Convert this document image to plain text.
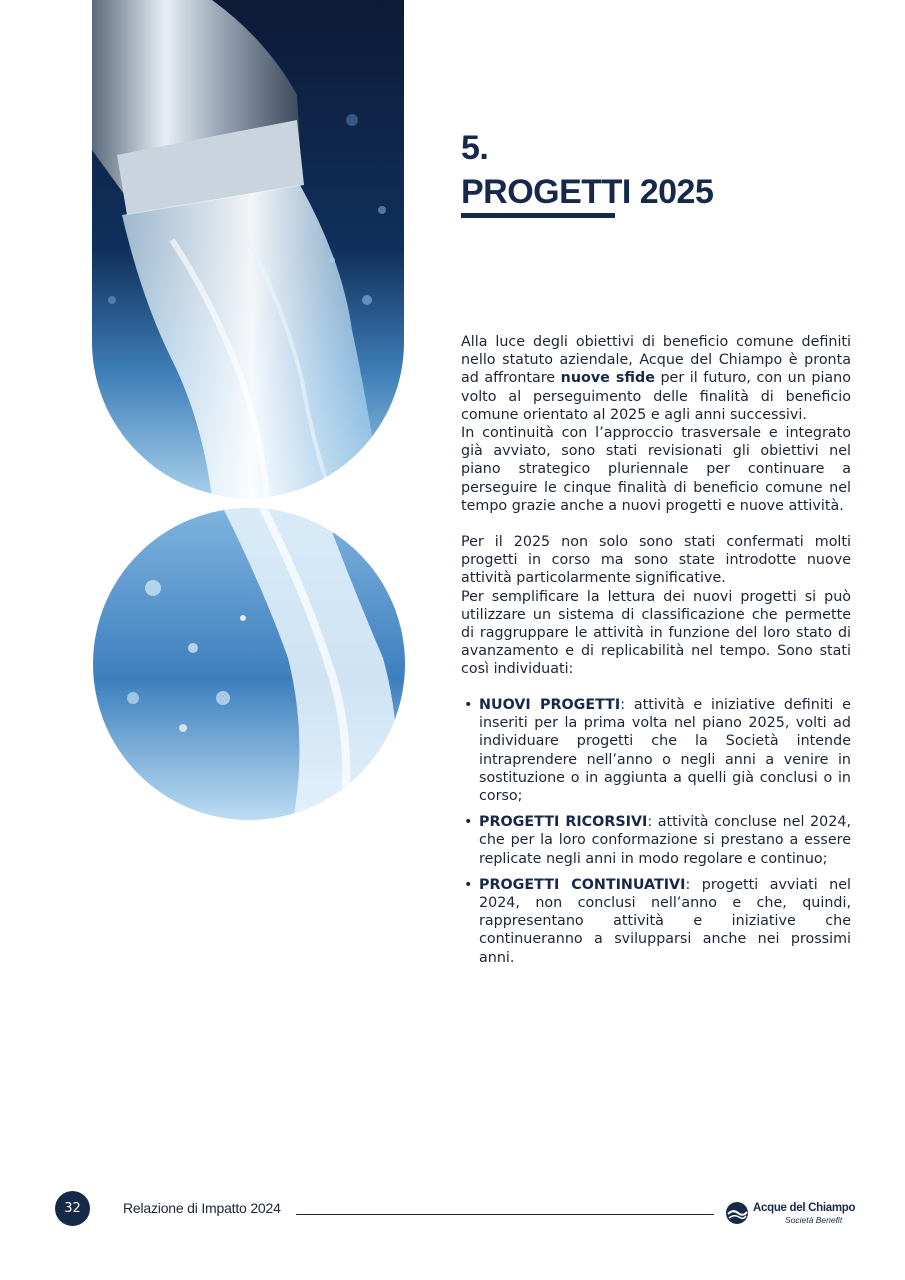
5.
PROGETTI 2025

Alla luce degli obiettivi di beneficio comune definiti nello statuto aziendale, Acque del Chiampo è pronta ad affrontare nuove sfide per il futuro, con un piano volto al perseguimento delle finalità di beneficio comune orientato al 2025 e agli anni successivi.

In continuità con l’approccio trasversale e integrato già avviato, sono stati revisionati gli obiettivi nel piano strategico pluriennale per continuare a perseguire le cinque finalità di beneficio comune nel tempo grazie anche a nuovi progetti e nuove attività.

Per il 2025 non solo sono stati confermati molti progetti in corso ma sono state introdotte nuove attività particolarmente significative.

Per semplificare la lettura dei nuovi progetti si può utilizzare un sistema di classificazione che permette di raggruppare le attività in funzione del loro stato di avanzamento e di replicabilità nel tempo. Sono stati così individuati:

• NUOVI PROGETTI: attività e iniziative definiti e inseriti per la prima volta nel piano 2025, volti ad individuare progetti che la Società intende intraprendere nell’anno o negli anni a venire in sostituzione o in aggiunta a quelli già conclusi o in corso;
• PROGETTI RICORSIVI: attività concluse nel 2024, che per la loro conformazione si prestano a essere replicate negli anni in modo regolare e continuo;
• PROGETTI CONTINUATIVI: progetti avviati nel 2024, non conclusi nell’anno e che, quindi, rappresentano attività e iniziative che continueranno a svilupparsi anche nei prossimi anni.
32	Relazione di Impatto 2024	Acque del Chiampo
Società Benefit
